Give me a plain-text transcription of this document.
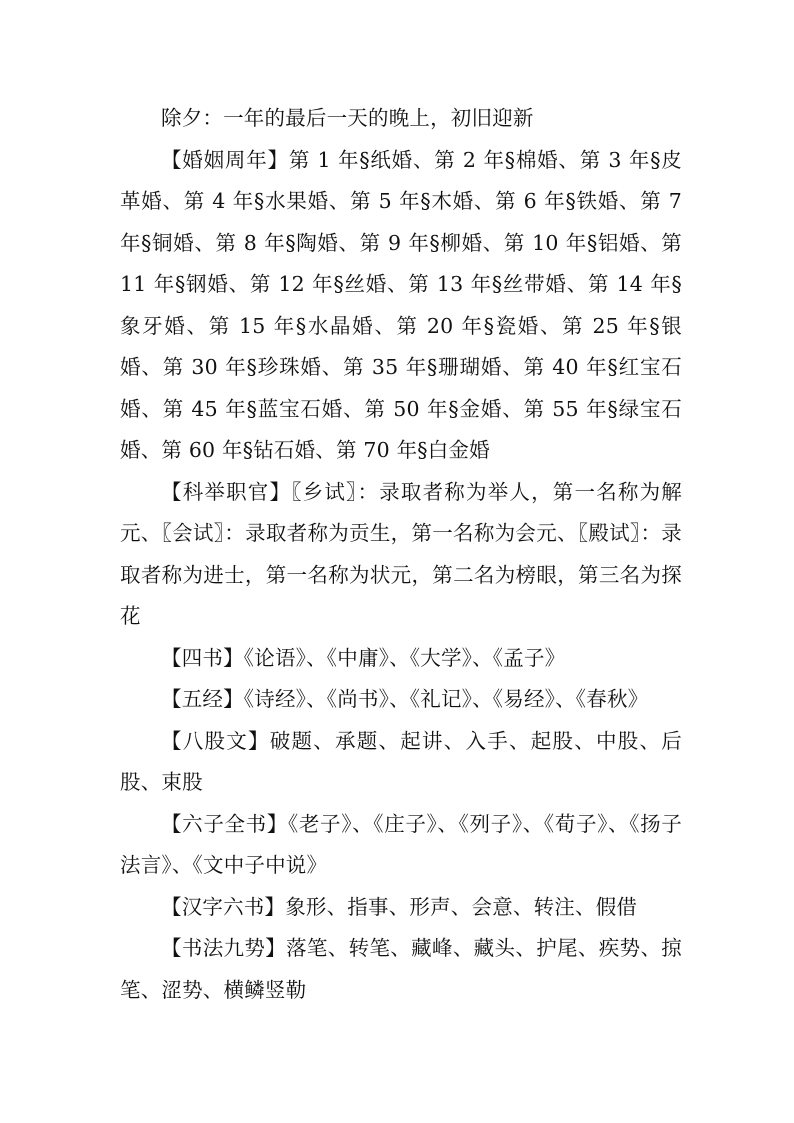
除夕：一年的最后一天的晚上，初旧迎新

【婚姻周年】第 1 年§纸婚、第 2 年§棉婚、第 3 年§皮革婚、第 4 年§水果婚、第 5 年§木婚、第 6 年§铁婚、第 7 年§铜婚、第 8 年§陶婚、第 9 年§柳婚、第 10 年§铝婚、第 11 年§钢婚、第 12 年§丝婚、第 13 年§丝带婚、第 14 年§象牙婚、第 15 年§水晶婚、第 20 年§瓷婚、第 25 年§银婚、第 30 年§珍珠婚、第 35 年§珊瑚婚、第 40 年§红宝石婚、第 45 年§蓝宝石婚、第 50 年§金婚、第 55 年§绿宝石婚、第 60 年§钻石婚、第 70 年§白金婚

【科举职官】〖乡试〗：录取者称为举人，第一名称为解元、〖会试〗：录取者称为贡生，第一名称为会元、〖殿试〗：录取者称为进士，第一名称为状元，第二名为榜眼，第三名为探花

【四书】《论语》、《中庸》、《大学》、《孟子》

【五经】《诗经》、《尚书》、《礼记》、《易经》、《春秋》

【八股文】破题、承题、起讲、入手、起股、中股、后股、束股

【六子全书】《老子》、《庄子》、《列子》、《荀子》、《扬子法言》、《文中子中说》

【汉字六书】象形、指事、形声、会意、转注、假借

【书法九势】落笔、转笔、藏峰、藏头、护尾、疾势、掠笔、涩势、横鳞竖勒
